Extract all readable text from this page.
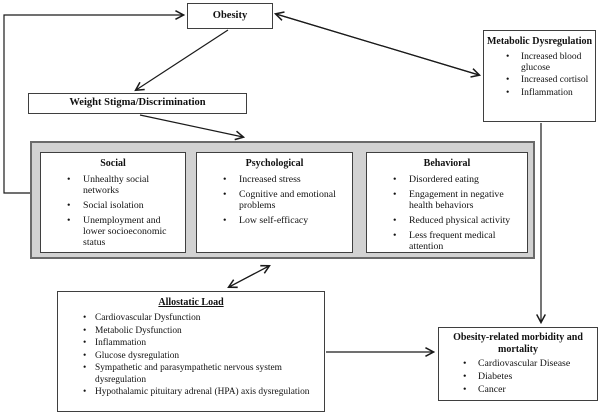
Obesity
Weight Stigma/Discrimination
Metabolic Dysregulation
• Increased blood glucose
• Increased cortisol
• Inflammation
Social
• Unhealthy social networks
• Social isolation
• Unemployment and lower socioeconomic status
Psychological
• Increased stress
• Cognitive and emotional problems
• Low self-efficacy
Behavioral
• Disordered eating
• Engagement in negative health behaviors
• Reduced physical activity
• Less frequent medical attention
Allostatic Load
• Cardiovascular Dysfunction
• Metabolic Dysfunction
• Inflammation
• Glucose dysregulation
• Sympathetic and parasympathetic nervous system dysregulation
• Hypothalamic pituitary adrenal (HPA) axis dysregulation
Obesity-related morbidity and mortality
• Cardiovascular Disease
• Diabetes
• Cancer
